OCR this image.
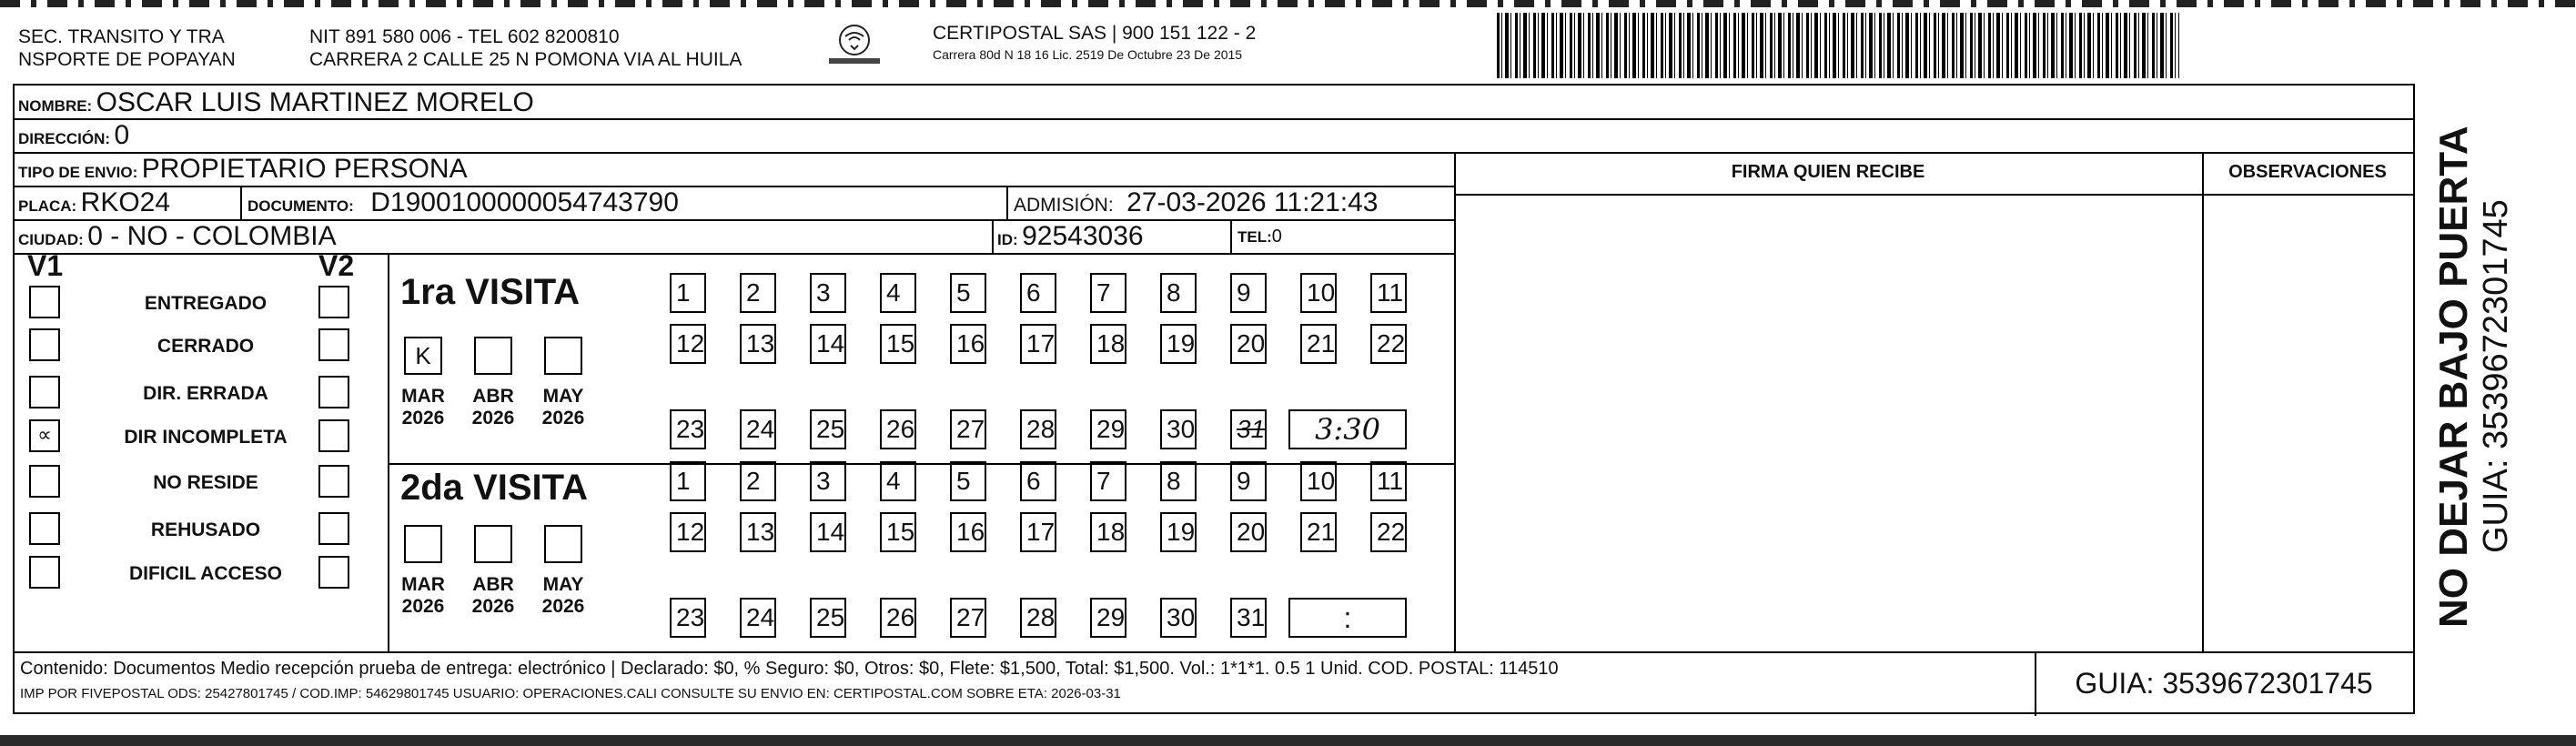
SEC. TRANSITO Y TRA
NSPORTE DE POPAYAN
NIT 891 580 006 - TEL 602 8200810
CARRERA 2 CALLE 25 N POMONA VIA AL HUILA
CERTIPOSTAL SAS | 900 151 122 - 2
Carrera 80d N 18 16 Lic. 2519 De Octubre 23 De 2015
NOMBRE: OSCAR LUIS MARTINEZ MORELO
DIRECCIÓN: 0
TIPO DE ENVIO: PROPIETARIO PERSONA	FIRMA QUIEN RECIBE	OBSERVACIONES
PLACA: RKO24	DOCUMENTO: D1900100000054743790	ADMISIÓN: 27-03-2026 11:21:43
CIUDAD: 0 - NO - COLOMBIA	ID: 92543036	TEL:0
V1	V2
ENTREGADO
CERRADO
DIR. ERRADA
∝	DIR INCOMPLETA
NO RESIDE
REHUSADO
DIFICIL ACCESO
1ra VISITA
K
MAR
2026
ABR
2026
MAY
2026
1	2	3	4	5	6	7	8	9	10 11
12 13 14 15 16 17 18 19 20 21 22
23 24 25 26 27 28 29 30 31	3:30
2da VISITA
MAR
2026
ABR
2026
MAY
2026
1	2	3	4	5	6	7	8	9	10 11
12 13 14 15 16 17 18 19 20 21 22
23 24 25 26 27 28 29 30 31	:
Contenido: Documentos Medio recepción prueba de entrega: electrónico | Declarado: $0, % Seguro: $0, Otros: $0, Flete: $1,500, Total: $1,500. Vol.: 1*1*1. 0.5 1 Unid. COD. POSTAL: 114510
IMP POR FIVEPOSTAL ODS: 25427801745 / COD.IMP: 54629801745 USUARIO: OPERACIONES.CALI CONSULTE SU ENVIO EN: CERTIPOSTAL.COM SOBRE ETA: 2026-03-31	GUIA: 3539672301745
NO DEJAR BAJO PUERTA GUIA: 3539672301745
